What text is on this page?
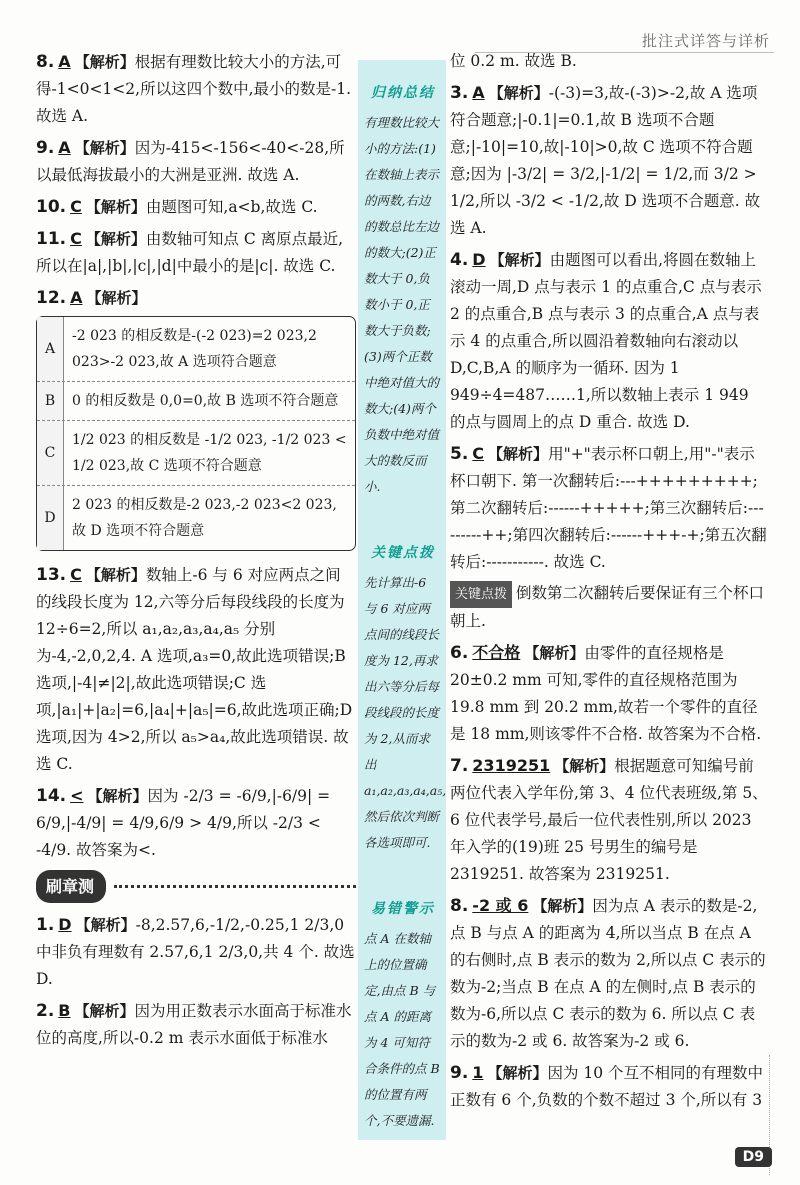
批注式详答与详析

8. A 【解析】根据有理数比较大小的方法,可得-1<0<1<2,所以这四个数中,最小的数是-1. 故选 A.

9. A 【解析】因为-415<-156<-40<-28,所以最低海拔最小的大洲是亚洲. 故选 A.

10. C 【解析】由题图可知,a<b,故选 C.

11. C 【解析】由数轴可知点 C 离原点最近,所以在|a|,|b|,|c|,|d|中最小的是|c|. 故选 C.

12. A 【解析】

A
-2 023 的相反数是-(-2 023)=2 023,2 023>-2 023,故 A 选项符合题意
B	0 的相反数是 0,0=0,故 B 选项不符合题意
C
1/2 023 的相反数是 -1/2 023, -1/2 023 < 1/2 023,故 C 选项不符合题意
D
2 023 的相反数是-2 023,-2 023<2 023,故 D 选项不符合题意

13. C 【解析】数轴上-6 与 6 对应两点之间的线段长度为 12,六等分后每段线段的长度为 12÷6=2,所以 a₁,a₂,a₃,a₄,a₅ 分别为-4,-2,0,2,4. A 选项,a₃=0,故此选项错误;B 选项,|-4|≠|2|,故此选项错误;C 选项,|a₁|+|a₂|=6,|a₄|+|a₅|=6,故此选项正确;D 选项,因为 4>2,所以 a₅>a₄,故此选项错误. 故选 C.

14. < 【解析】因为 -2/3 = -6/9,|-6/9| = 6/9,|-4/9| = 4/9,6/9 > 4/9,所以 -2/3 < -4/9. 故答案为<.

刷章测

1. D 【解析】-8,2.57,6,-1/2,-0.25,1 2/3,0 中非负有理数有 2.57,6,1 2/3,0,共 4 个. 故选 D.

2. B 【解析】因为用正数表示水面高于标准水位的高度,所以-0.2 m 表示水面低于标准水

归纳总结
有理数比较大小的方法:(1)在数轴上表示的两数,右边的数总比左边的数大;(2)正数大于 0,负数小于 0,正数大于负数;(3)两个正数中绝对值大的数大;(4)两个负数中绝对值大的数反而小.
关键点拨
先计算出-6 与 6 对应两点间的线段长度为 12,再求出六等分后每段线段的长度为 2,从而求出 a₁,a₂,a₃,a₄,a₅,然后依次判断各选项即可.
易错警示
点 A 在数轴上的位置确定,由点 B 与点 A 的距离为 4 可知符合条件的点 B 的位置有两个,不要遗漏.

位 0.2 m. 故选 B.

3. A 【解析】-(-3)=3,故-(-3)>-2,故 A 选项符合题意;|-0.1|=0.1,故 B 选项不合题意;|-10|=10,故|-10|>0,故 C 选项不符合题意;因为 |-3/2| = 3/2,|-1/2| = 1/2,而 3/2 > 1/2,所以 -3/2 < -1/2,故 D 选项不合题意. 故选 A.

4. D 【解析】由题图可以看出,将圆在数轴上滚动一周,D 点与表示 1 的点重合,C 点与表示 2 的点重合,B 点与表示 3 的点重合,A 点与表示 4 的点重合,所以圆沿着数轴向右滚动以 D,C,B,A 的顺序为一循环. 因为 1 949÷4=487……1,所以数轴上表示 1 949 的点与圆周上的点 D 重合. 故选 D.

5. C 【解析】用"+"表示杯口朝上,用"-"表示杯口朝下. 第一次翻转后:---+++++++++;第二次翻转后:------+++++;第三次翻转后:---------++;第四次翻转后:------+++-+;第五次翻转后:-----------. 故选 C.

关键点拨 倒数第二次翻转后要保证有三个杯口朝上.

6. 不合格 【解析】由零件的直径规格是 20±0.2 mm 可知,零件的直径规格范围为 19.8 mm 到 20.2 mm,故若一个零件的直径是 18 mm,则该零件不合格. 故答案为不合格.

7. 2319251 【解析】根据题意可知编号前两位代表入学年份,第 3、4 位代表班级,第 5、6 位代表学号,最后一位代表性别,所以 2023 年入学的(19)班 25 号男生的编号是 2319251. 故答案为 2319251.

8. -2 或 6 【解析】因为点 A 表示的数是-2,点 B 与点 A 的距离为 4,所以当点 B 在点 A 的右侧时,点 B 表示的数为 2,所以点 C 表示的数为-2;当点 B 在点 A 的左侧时,点 B 表示的数为-6,所以点 C 表示的数为 6. 所以点 C 表示的数为-2 或 6. 故答案为-2 或 6.

9. 1 【解析】因为 10 个互不相同的有理数中正数有 6 个,负数的个数不超过 3 个,所以有 3

D9
